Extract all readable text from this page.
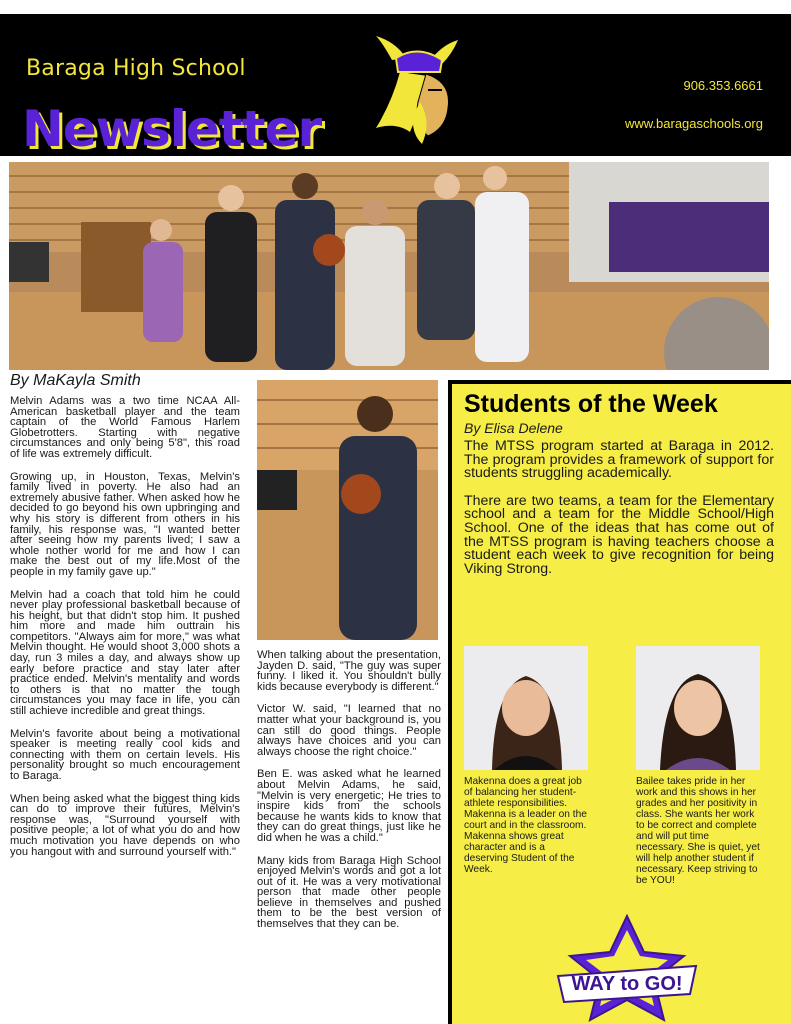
Baraga High School
Newsletter
906.353.6661
www.baragaschools.org
By MaKayla Smith

Melvin Adams was a two time NCAA All-American basketball player and the team captain of the World Famous Harlem Globetrotters. Starting with negative circumstances and only being 5'8", this road of life was extremely difficult.

Growing up, in Houston, Texas, Melvin's family lived in poverty. He also had an extremely abusive father. When asked how he decided to go beyond his own upbringing and why his story is different from others in his family, his response was, "I wanted better after seeing how my parents lived; I saw a whole nother world for me and how I can make the best out of my life.Most of the people in my family gave up."

Melvin had a coach that told him he could never play professional basketball because of his height, but that didn't stop him. It pushed him more and made him outtrain his competitors. "Always aim for more," was what Melvin thought. He would shoot 3,000 shots a day, run 3 miles a day, and always show up early before practice and stay later after practice ended. Melvin's mentality and words to others is that no matter the tough circumstances you may face in life, you can still achieve incredible and great things.

Melvin's favorite about being a motivational speaker is meeting really cool kids and connecting with them on certain levels. His personality brought so much encouragement to Baraga.

When being asked what the biggest thing kids can do to improve their futures, Melvin's response was, "Surround yourself with positive people; a lot of what you do and how much motivation you have depends on who you hangout with and surround yourself with."

When talking about the presentation, Jayden D. said, "The guy was super funny. I liked it. You shouldn't bully kids because everybody is different."

Victor W. said, "I learned that no matter what your background is, you can still do good things. People always have choices and you can always choose the right choice."

Ben E. was asked what he learned about Melvin Adams, he said, "Melvin is very energetic; He tries to inspire kids from the schools because he wants kids to know that they can do great things, just like he did when he was a child."

Many kids from Baraga High School enjoyed Melvin's words and got a lot out of it. He was a very motivational person that made other people believe in themselves and pushed them to be the best version of themselves that they can be.

Students of the Week
By Elisa Delene

The MTSS program started at Baraga in 2012. The program provides a framework of support for students struggling academically.

There are two teams, a team for the Elementary school and a team for the Middle School/High School. One of the ideas that has come out of the MTSS program is having teachers choose a student each week to give recognition for being Viking Strong.

Makenna does a great job of balancing her student-athlete responsibilities. Makenna is a leader on the court and in the classroom. Makenna shows great character and is a deserving Student of the Week.
Bailee takes pride in her work and this shows in her grades and her positivity in class. She wants her work to be correct and complete and will put time necessary. She is quiet, yet will help another student if necessary. Keep striving to be YOU!
WAY to GO!
